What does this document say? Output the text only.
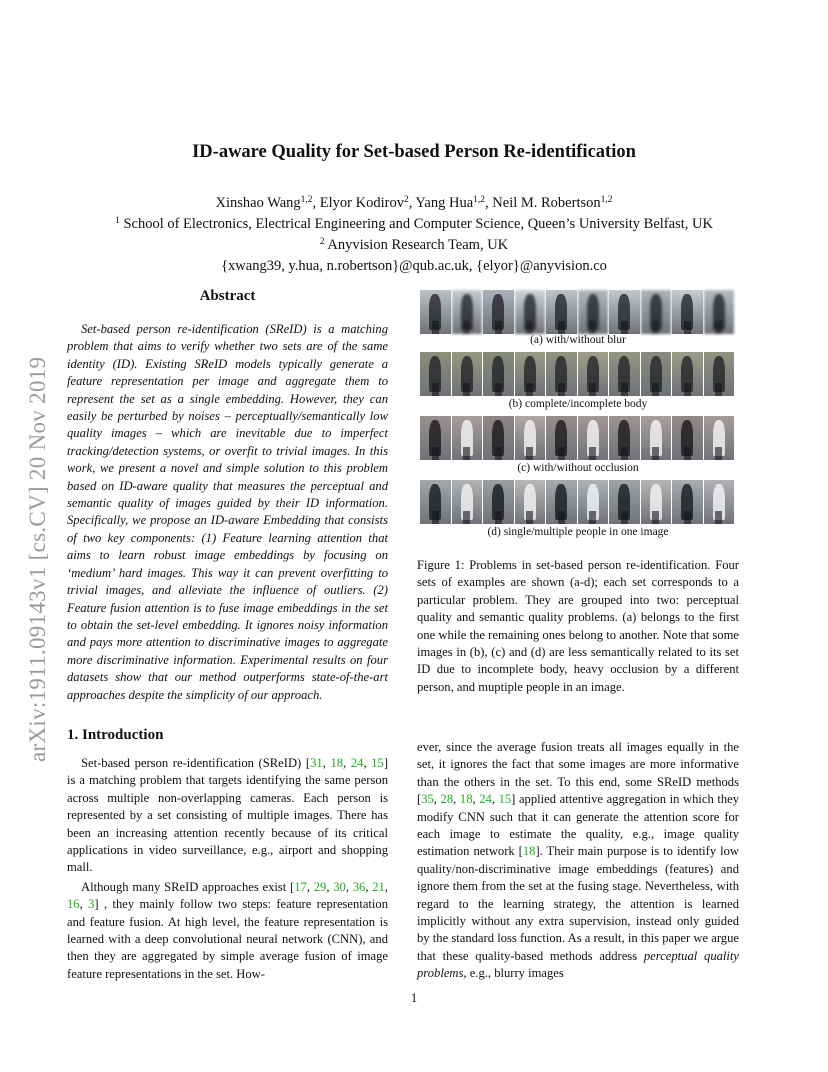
arXiv:1911.09143v1 [cs.CV] 20 Nov 2019
ID-aware Quality for Set-based Person Re-identification
Xinshao Wang$^{1,2}$, Elyor Kodirov$^2$, Yang Hua$^{1,2}$, Neil M. Robertson$^{1,2}$
$^1$ School of Electronics, Electrical Engineering and Computer Science, Queen’s University Belfast, UK
$^2$ Anyvision Research Team, UK
{xwang39, y.hua, n.robertson}@qub.ac.uk, {elyor}@anyvision.co
Abstract

Set-based person re-identification (SReID) is a matching problem that aims to verify whether two sets are of the same identity (ID). Existing SReID models typically generate a feature representation per image and aggregate them to represent the set as a single embedding. However, they can easily be perturbed by noises – perceptually/semantically low quality images – which are inevitable due to imperfect tracking/detection systems, or overfit to trivial images. In this work, we present a novel and simple solution to this problem based on ID-aware quality that measures the perceptual and semantic quality of images guided by their ID information. Specifically, we propose an ID-aware Embedding that consists of two key components: (1) Feature learning attention that aims to learn robust image embeddings by focusing on ‘medium’ hard images. This way it can prevent overfitting to trivial images, and alleviate the influence of outliers. (2) Feature fusion attention is to fuse image embeddings in the set to obtain the set-level embedding. It ignores noisy information and pays more attention to discriminative images to aggregate more discriminative information. Experimental results on four datasets show that our method outperforms state-of-the-art approaches despite the simplicity of our approach.

(a) with/without blur
(b) complete/incomplete body
(c) with/without occlusion
(d) single/multiple people in one image
Figure 1: Problems in set-based person re-identification. Four sets of examples are shown (a-d); each set corresponds to a particular problem. They are grouped into two: perceptual quality and semantic quality problems. (a) belongs to the first one while the remaining ones belong to another. Note that some images in (b), (c) and (d) are less semantically related to its set ID due to incomplete body, heavy occlusion by a different person, and muptiple people in an image.
1. Introduction

Set-based person re-identification (SReID) [31, 18, 24, 15] is a matching problem that targets identifying the same person across multiple non-overlapping cameras. Each person is represented by a set consisting of multiple images. There has been an increasing attention recently because of its critical applications in video surveillance, e.g., airport and shopping mall.

Although many SReID approaches exist [17, 29, 30, 36, 21, 16, 3] , they mainly follow two steps: feature representation and feature fusion. At high level, the feature representation is learned with a deep convolutional neural network (CNN), and then they are aggregated by simple average fusion of image feature representations in the set. How-

ever, since the average fusion treats all images equally in the set, it ignores the fact that some images are more informative than the others in the set. To this end, some SReID methods [35, 28, 18, 24, 15] applied attentive aggregation in which they modify CNN such that it can generate the attention score for each image to estimate the quality, e.g., image quality estimation network [18]. Their main purpose is to identify low quality/non-discriminative image embeddings (features) and ignore them from the set at the fusing stage. Nevertheless, with regard to the learning strategy, the attention is learned implicitly without any extra supervision, instead only guided by the standard loss function. As a result, in this paper we argue that these quality-based methods address perceptual quality problems, e.g., blurry images

1
